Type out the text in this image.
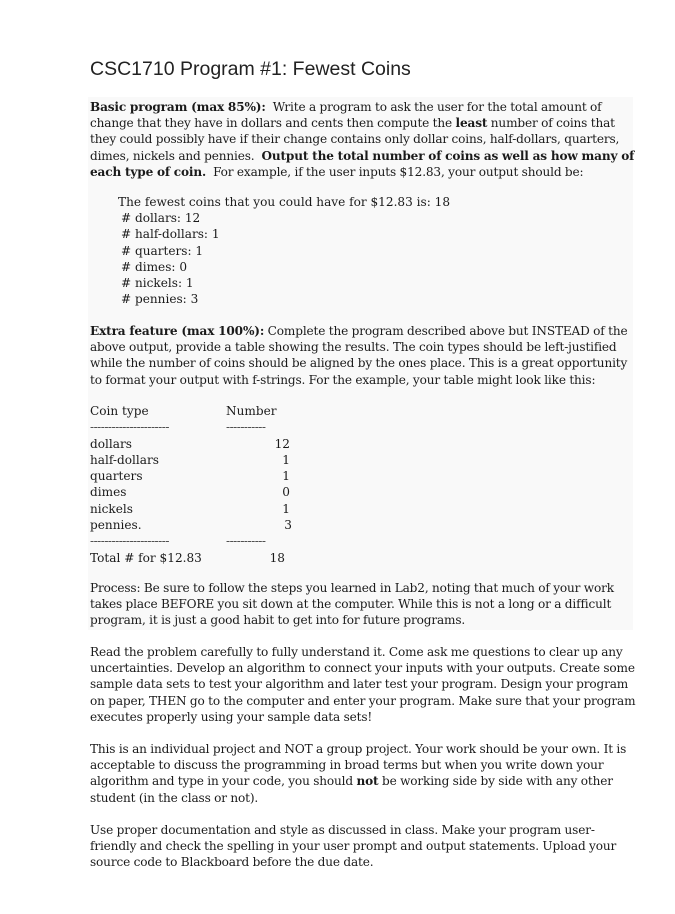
CSC1710 Program #1: Fewest Coins
Basic program (max 85%): Write a program to ask the user for the total amount of change that they have in dollars and cents then compute the least number of coins that they could possibly have if their change contains only dollar coins, half-dollars, quarters, dimes, nickels and pennies. Output the total number of coins as well as how many of each type of coin. For example, if the user inputs $12.83, your output should be:
The fewest coins that you could have for $12.83 is: 18
# dollars: 12
# half-dollars: 1
# quarters: 1
# dimes: 0
# nickels: 1
# pennies: 3
Extra feature (max 100%): Complete the program described above but INSTEAD of the above output, provide a table showing the results. The coin types should be left-justified while the number of coins should be aligned by the ones place. This is a great opportunity to format your output with f-strings. For the example, your table might look like this:
Coin type	Number
----------------------	-----------
dollars	12
half-dollars	1
quarters	1
dimes	0
nickels	1
pennies.	3
----------------------	-----------
Total # for $12.83	18
Process: Be sure to follow the steps you learned in Lab2, noting that much of your work takes place BEFORE you sit down at the computer. While this is not a long or a difficult program, it is just a good habit to get into for future programs.
Read the problem carefully to fully understand it. Come ask me questions to clear up any uncertainties. Develop an algorithm to connect your inputs with your outputs. Create some sample data sets to test your algorithm and later test your program. Design your program on paper, THEN go to the computer and enter your program. Make sure that your program executes properly using your sample data sets!
This is an individual project and NOT a group project. Your work should be your own. It is acceptable to discuss the programming in broad terms but when you write down your algorithm and type in your code, you should not be working side by side with any other student (in the class or not).
Use proper documentation and style as discussed in class. Make your program user-friendly and check the spelling in your user prompt and output statements. Upload your source code to Blackboard before the due date.
